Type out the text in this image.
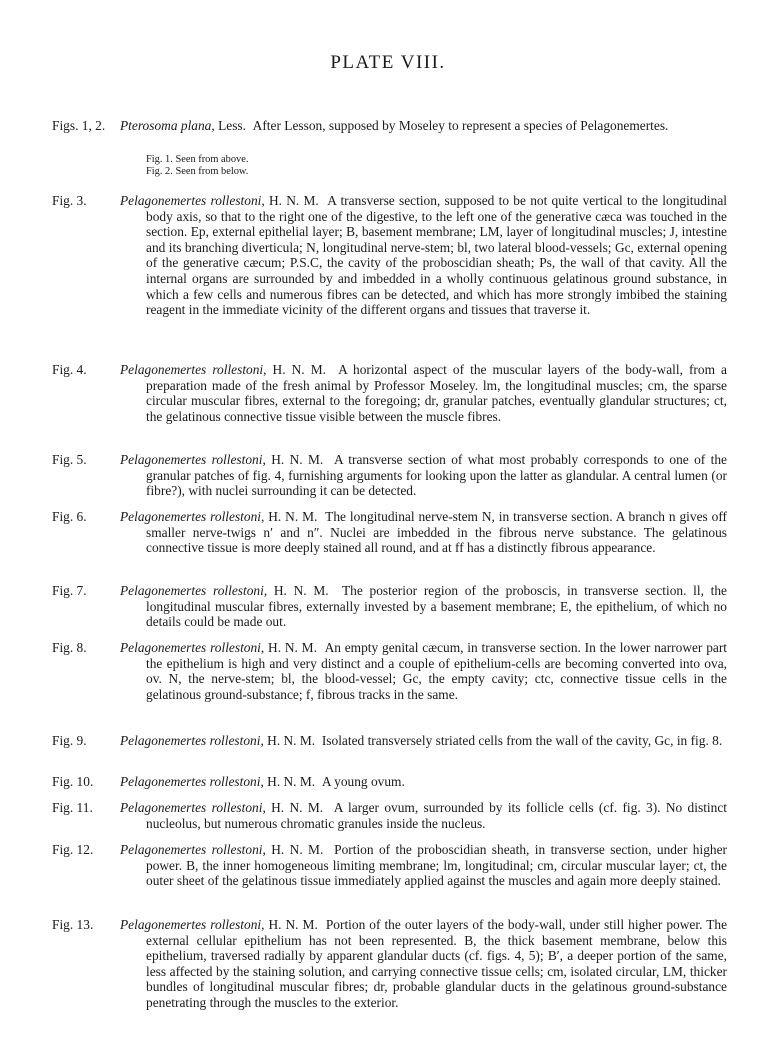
PLATE VIII.
Figs. 1, 2. Pterosoma plana, Less. After Lesson, supposed by Moseley to represent a species of Pelagonemertes.
Fig. 1. Seen from above.
Fig. 2. Seen from below.
Fig. 3. Pelagonemertes rollestoni, H. N. M. A transverse section, supposed to be not quite vertical to the longitudinal body axis, so that to the right one of the digestive, to the left one of the generative cæca was touched in the section. Ep, external epithelial layer; B, basement membrane; LM, layer of longitudinal muscles; J, intestine and its branching diverticula; N, longitudinal nerve-stem; bl, two lateral blood-vessels; Gc, external opening of the generative cæcum; P.S.C, the cavity of the proboscidian sheath; Ps, the wall of that cavity. All the internal organs are surrounded by and imbedded in a wholly continuous gelatinous ground substance, in which a few cells and numerous fibres can be detected, and which has more strongly imbibed the staining reagent in the immediate vicinity of the different organs and tissues that traverse it.
Fig. 4. Pelagonemertes rollestoni, H. N. M. A horizontal aspect of the muscular layers of the body-wall, from a preparation made of the fresh animal by Professor Moseley. lm, the longitudinal muscles; cm, the sparse circular muscular fibres, external to the foregoing; dr, granular patches, eventually glandular structures; ct, the gelatinous connective tissue visible between the muscle fibres.
Fig. 5. Pelagonemertes rollestoni, H. N. M. A transverse section of what most probably corresponds to one of the granular patches of fig. 4, furnishing arguments for looking upon the latter as glandular. A central lumen (or fibre?), with nuclei surrounding it can be detected.
Fig. 6. Pelagonemertes rollestoni, H. N. M. The longitudinal nerve-stem N, in transverse section. A branch n gives off smaller nerve-twigs n′ and n″. Nuclei are imbedded in the fibrous nerve substance. The gelatinous connective tissue is more deeply stained all round, and at ff has a distinctly fibrous appearance.
Fig. 7. Pelagonemertes rollestoni, H. N. M. The posterior region of the proboscis, in transverse section. ll, the longitudinal muscular fibres, externally invested by a basement membrane; E, the epithelium, of which no details could be made out.
Fig. 8. Pelagonemertes rollestoni, H. N. M. An empty genital cæcum, in transverse section. In the lower narrower part the epithelium is high and very distinct and a couple of epithelium-cells are becoming converted into ova, ov. N, the nerve-stem; bl, the blood-vessel; Gc, the empty cavity; ctc, connective tissue cells in the gelatinous ground-substance; f, fibrous tracks in the same.
Fig. 9. Pelagonemertes rollestoni, H. N. M. Isolated transversely striated cells from the wall of the cavity, Gc, in fig. 8.
Fig. 10. Pelagonemertes rollestoni, H. N. M. A young ovum.
Fig. 11. Pelagonemertes rollestoni, H. N. M. A larger ovum, surrounded by its follicle cells (cf. fig. 3). No distinct nucleolus, but numerous chromatic granules inside the nucleus.
Fig. 12. Pelagonemertes rollestoni, H. N. M. Portion of the proboscidian sheath, in transverse section, under higher power. B, the inner homogeneous limiting membrane; lm, longitudinal; cm, circular muscular layer; ct, the outer sheet of the gelatinous tissue immediately applied against the muscles and again more deeply stained.
Fig. 13. Pelagonemertes rollestoni, H. N. M. Portion of the outer layers of the body-wall, under still higher power. The external cellular epithelium has not been represented. B, the thick basement membrane, below this epithelium, traversed radially by apparent glandular ducts (cf. figs. 4, 5); B′, a deeper portion of the same, less affected by the staining solution, and carrying connective tissue cells; cm, isolated circular, LM, thicker bundles of longitudinal muscular fibres; dr, probable glandular ducts in the gelatinous ground-substance penetrating through the muscles to the exterior.
